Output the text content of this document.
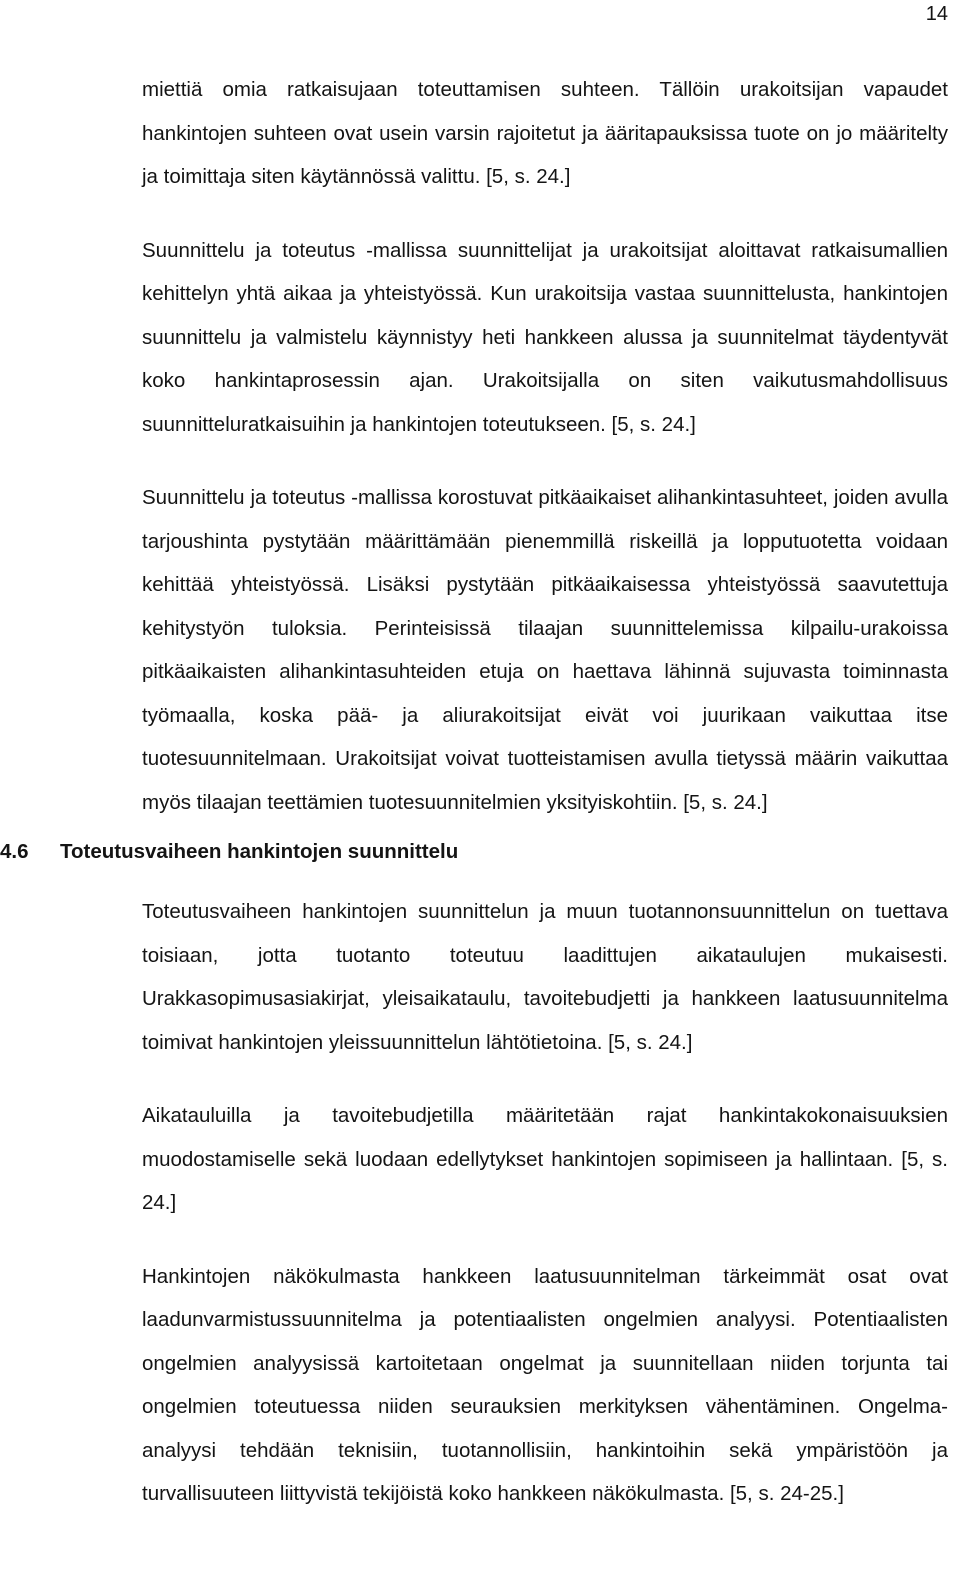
14

miettiä omia ratkaisujaan toteuttamisen suhteen. Tällöin urakoitsijan vapaudet hankintojen suhteen ovat usein varsin rajoitetut ja ääritapauksissa tuote on jo määritelty ja toimittaja siten käytännössä valittu. [5, s. 24.]

Suunnittelu ja toteutus -mallissa suunnittelijat ja urakoitsijat aloittavat ratkaisumallien kehittelyn yhtä aikaa ja yhteistyössä. Kun urakoitsija vastaa suunnittelusta, hankintojen suunnittelu ja valmistelu käynnistyy heti hankkeen alussa ja suunnitelmat täydentyvät koko hankintaprosessin ajan. Urakoitsijalla on siten vaikutusmahdollisuus suunnitteluratkaisuihin ja hankintojen toteutukseen. [5, s. 24.]

Suunnittelu ja toteutus -mallissa korostuvat pitkäaikaiset alihankintasuhteet, joiden avulla tarjoushinta pystytään määrittämään pienemmillä riskeillä ja lopputuotetta voidaan kehittää yhteistyössä. Lisäksi pystytään pitkäaikaisessa yhteistyössä saavutettuja kehitystyön tuloksia. Perinteisissä tilaajan suunnittelemissa kilpailu-urakoissa pitkäaikaisten alihankintasuhteiden etuja on haettava lähinnä sujuvasta toiminnasta työmaalla, koska pää- ja aliurakoitsijat eivät voi juurikaan vaikuttaa itse tuotesuunnitelmaan. Urakoitsijat voivat tuotteistamisen avulla tietyssä määrin vaikuttaa myös tilaajan teettämien tuotesuunnitelmien yksityiskohtiin. [5, s. 24.]

4.6	Toteutusvaiheen hankintojen suunnittelu

Toteutusvaiheen hankintojen suunnittelun ja muun tuotannonsuunnittelun on tuettava toisiaan, jotta tuotanto toteutuu laadittujen aikataulujen mukaisesti. Urakkasopimusasiakirjat, yleisaikataulu, tavoitebudjetti ja hankkeen laatusuunnitelma toimivat hankintojen yleissuunnittelun lähtötietoina. [5, s. 24.]

Aikatauluilla ja tavoitebudjetilla määritetään rajat hankintakokonaisuuksien muodostamiselle sekä luodaan edellytykset hankintojen sopimiseen ja hallintaan. [5, s. 24.]

Hankintojen näkökulmasta hankkeen laatusuunnitelman tärkeimmät osat ovat laadunvarmistussuunnitelma ja potentiaalisten ongelmien analyysi. Potentiaalisten ongelmien analyysissä kartoitetaan ongelmat ja suunnitellaan niiden torjunta tai ongelmien toteutuessa niiden seurauksien merkityksen vähentäminen. Ongelma-analyysi tehdään teknisiin, tuotannollisiin, hankintoihin sekä ympäristöön ja turvallisuuteen liittyvistä tekijöistä koko hankkeen näkökulmasta. [5, s. 24-25.]
